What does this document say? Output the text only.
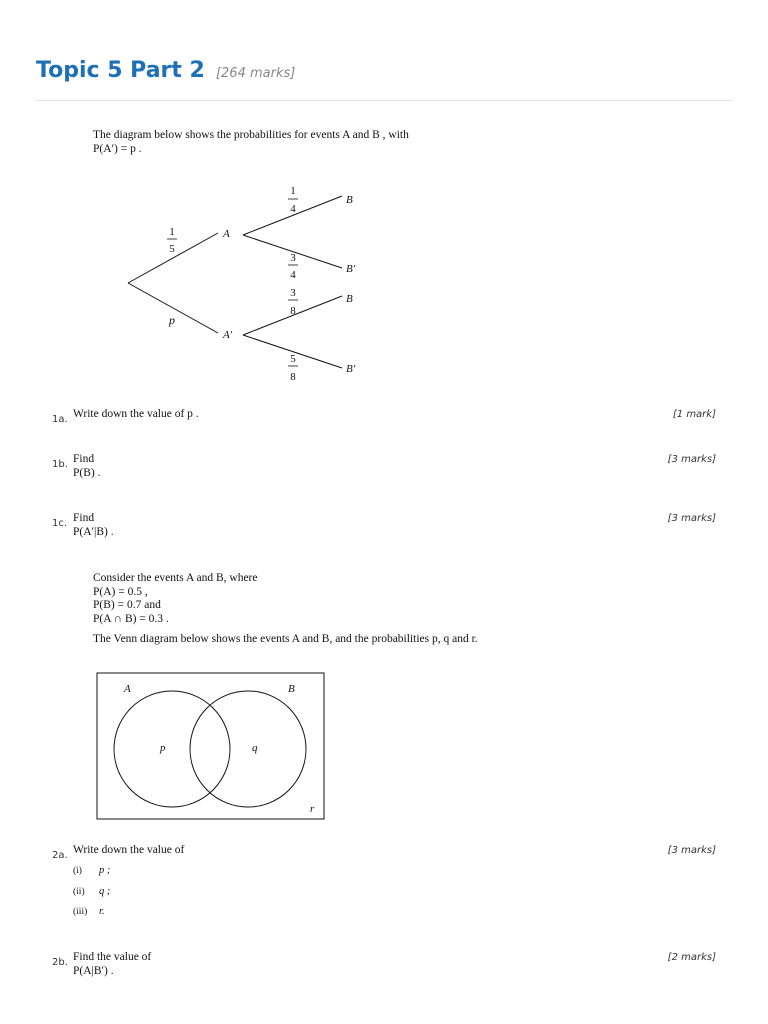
Topic 5 Part 2 [264 marks]
The diagram below shows the probabilities for events A and B , with
P(A′) = p .
1
5
p
A
A′
1
4
B
3
4	B′
3
8
B
5
8
B′
1a. Write down the value of p .	[1 mark]
1b. Find
P(B) .
[3 marks]
1c. Find
P(A′|B) .
[3 marks]
Consider the events A and B, where
P(A) = 0.5 ,
P(B) = 0.7 and
P(A ∩ B) = 0.3 .
The Venn diagram below shows the events A and B, and the probabilities p, q and r.
A	B
p	q
r
2a. Write down the value of	[3 marks]
(i) p ;
(ii) q ;
(iii) r.
2b. Find the value of
P(A|B′) .
[2 marks]
